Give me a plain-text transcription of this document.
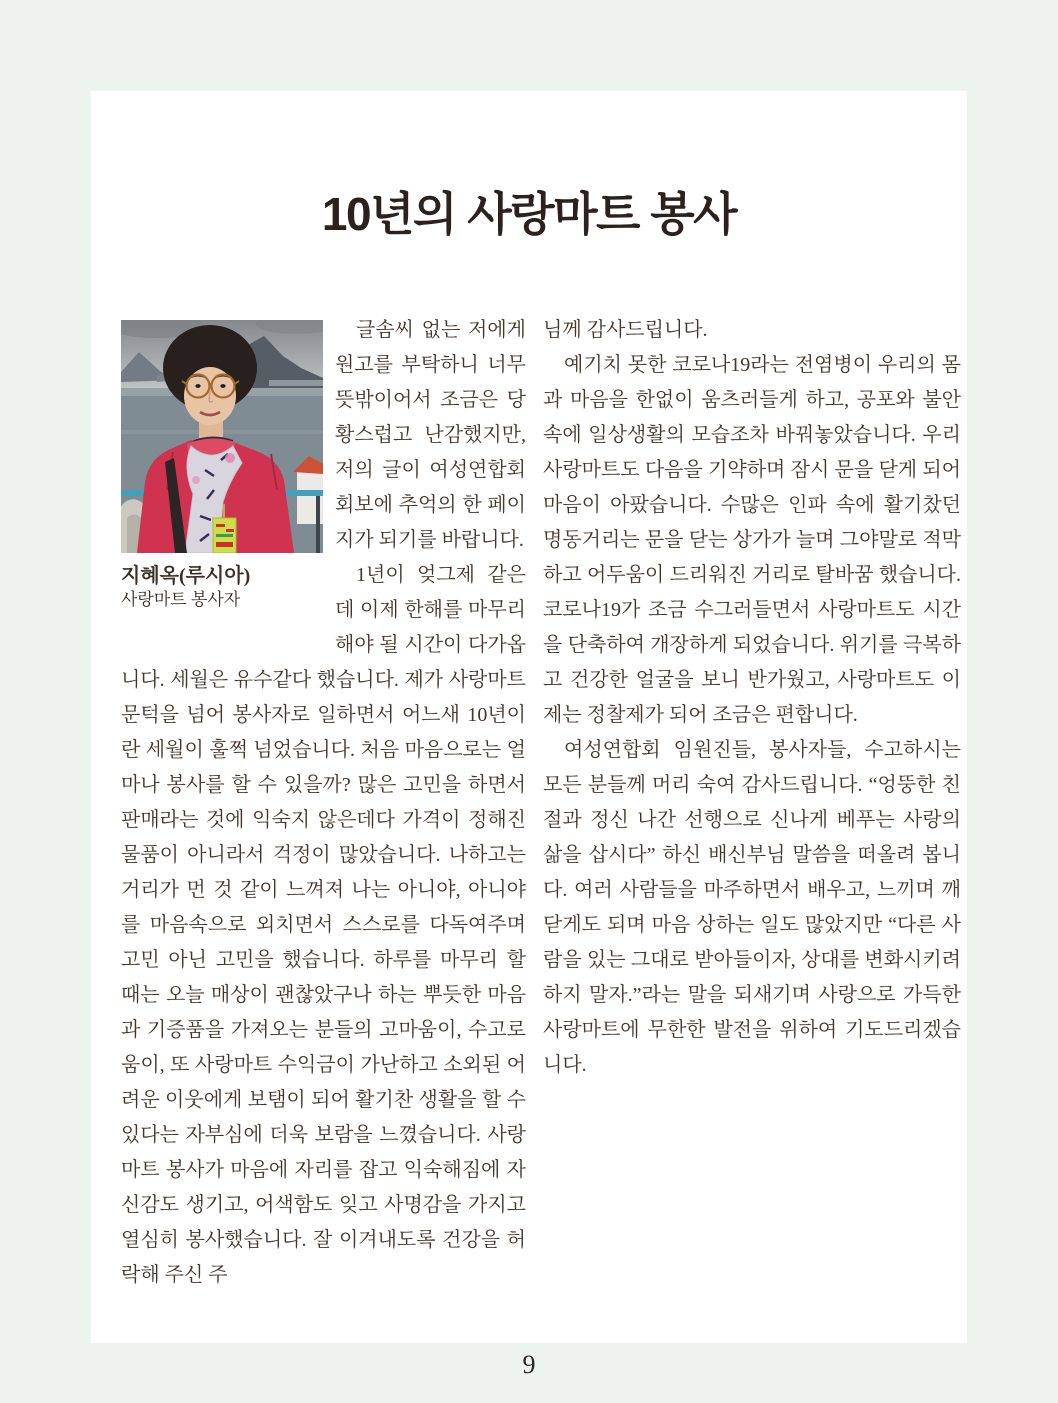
10년의 사랑마트 봉사
지혜옥(루시아)
사랑마트 봉사자

글솜씨 없는 저에게 원고를 부탁하니 너무 뜻밖이어서 조금은 당황스럽고 난감했지만, 저의 글이 여성연합회 회보에 추억의 한 페이지가 되기를 바랍니다.

1년이 엊그제 같은데 이제 한해를 마무리해야 될 시간이 다가옵니다. 세월은 유수같다 했습니다. 제가 사랑마트 문턱을 넘어 봉사자로 일하면서 어느새 10년이란 세월이 훌쩍 넘었습니다. 처음 마음으로는 얼마나 봉사를 할 수 있을까? 많은 고민을 하면서 판매라는 것에 익숙지 않은데다 가격이 정해진 물품이 아니라서 걱정이 많았습니다. 나하고는 거리가 먼 것 같이 느껴져 나는 아니야, 아니야를 마음속으로 외치면서 스스로를 다독여주며 고민 아닌 고민을 했습니다. 하루를 마무리 할 때는 오늘 매상이 괜찮았구나 하는 뿌듯한 마음과 기증품을 가져오는 분들의 고마움이, 수고로움이, 또 사랑마트 수익금이 가난하고 소외된 어려운 이웃에게 보탬이 되어 활기찬 생활을 할 수 있다는 자부심에 더욱 보람을 느꼈습니다. 사랑마트 봉사가 마음에 자리를 잡고 익숙해짐에 자신감도 생기고, 어색함도 잊고 사명감을 가지고 열심히 봉사했습니다. 잘 이겨내도록 건강을 허락해 주신 주

님께 감사드립니다.

예기치 못한 코로나19라는 전염병이 우리의 몸과 마음을 한없이 움츠러들게 하고, 공포와 불안 속에 일상생활의 모습조차 바꿔놓았습니다. 우리 사랑마트도 다음을 기약하며 잠시 문을 닫게 되어 마음이 아팠습니다. 수많은 인파 속에 활기찼던 명동거리는 문을 닫는 상가가 늘며 그야말로 적막하고 어두움이 드리워진 거리로 탈바꿈 했습니다. 코로나19가 조금 수그러들면서 사랑마트도 시간을 단축하여 개장하게 되었습니다. 위기를 극복하고 건강한 얼굴을 보니 반가웠고, 사랑마트도 이제는 정찰제가 되어 조금은 편합니다.

여성연합회 임원진들, 봉사자들, 수고하시는 모든 분들께 머리 숙여 감사드립니다. “엉뚱한 친절과 정신 나간 선행으로 신나게 베푸는 사랑의 삶을 삽시다” 하신 배신부님 말씀을 떠올려 봅니다. 여러 사람들을 마주하면서 배우고, 느끼며 깨닫게도 되며 마음 상하는 일도 많았지만 “다른 사람을 있는 그대로 받아들이자, 상대를 변화시키려 하지 말자.”라는 말을 되새기며 사랑으로 가득한 사랑마트에 무한한 발전을 위하여 기도드리겠습니다.

9
